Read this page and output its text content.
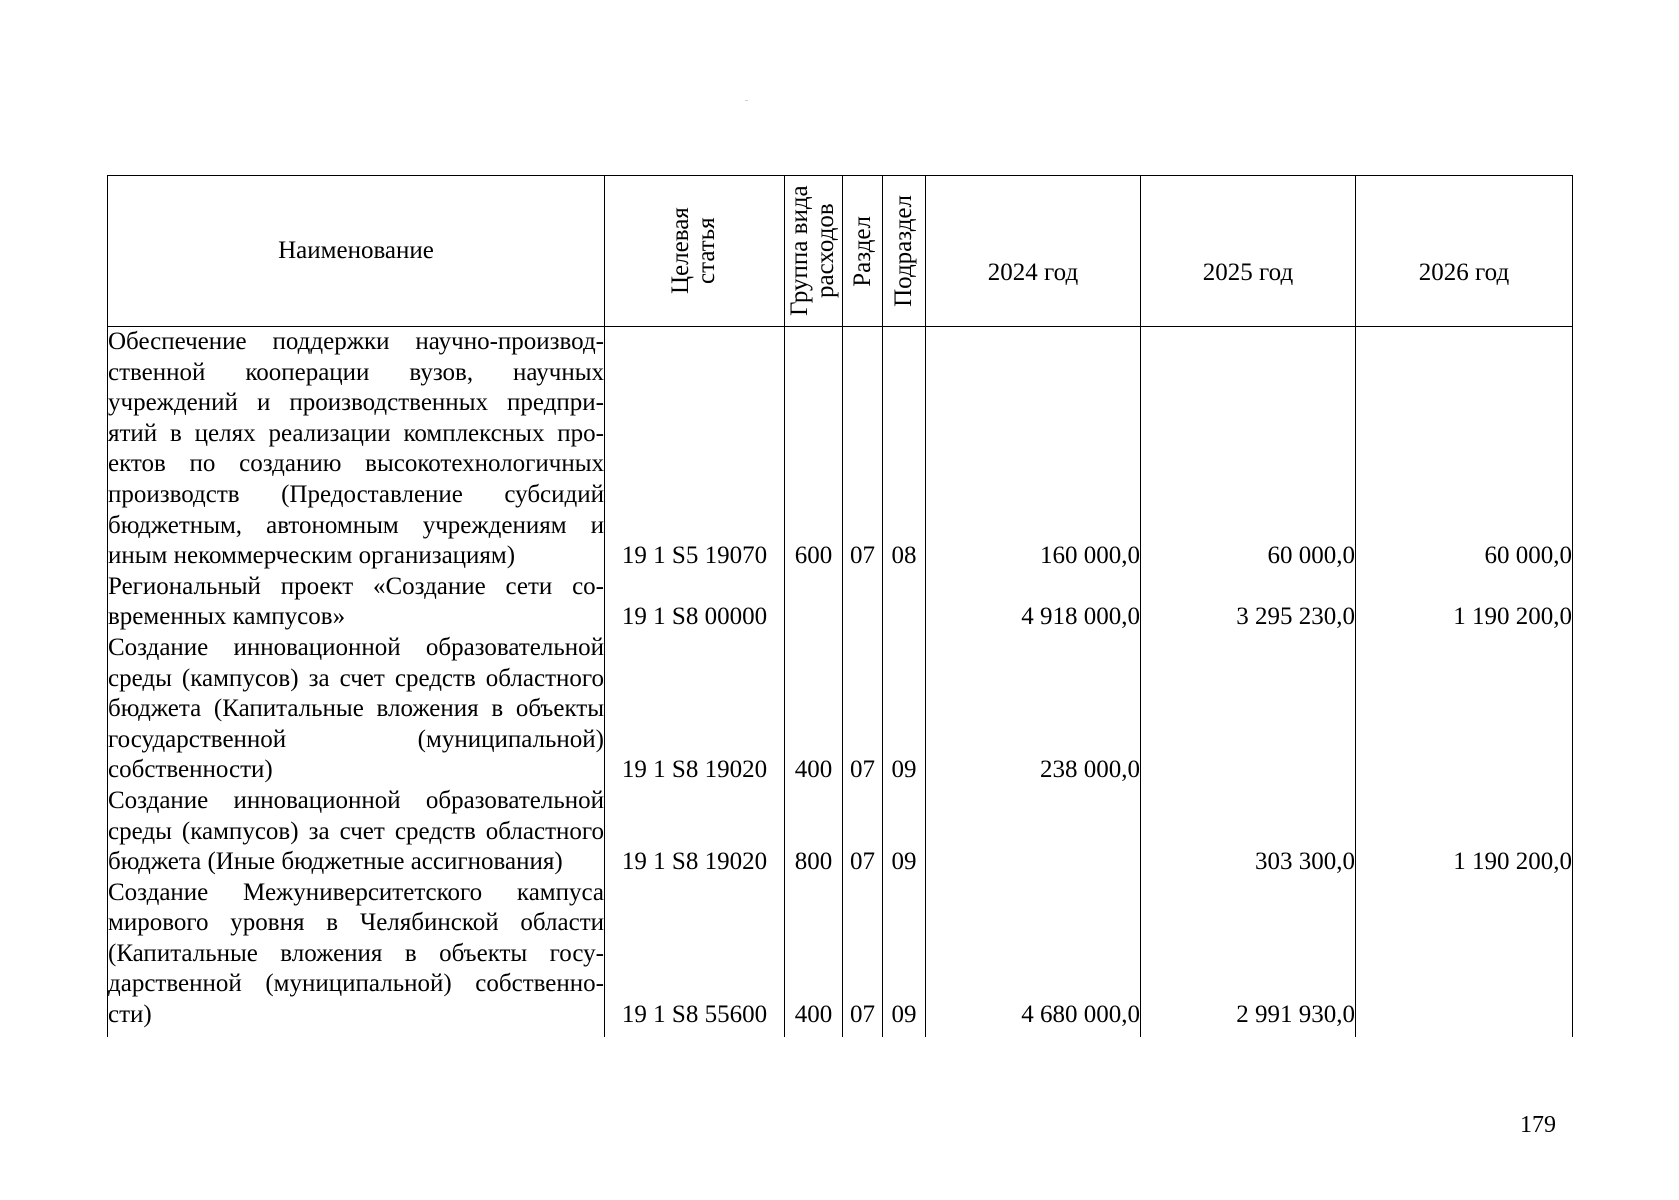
Наименование	Целевая статья	Группа вида расходов	Раздел	Подраздел	2024 год	2025 год	2026 год

Обеспечение поддержки научно-производственной кооперации вузов, научных учреждений и производственных предприятий в целях реализации комплексных проектов по созданию высокотехнологичных производств (Предоставление субсидий бюджетным, автономным учреждениям и иным некоммерческим организациям)	19 1 S5 19070	600	07	08	160 000,0	60 000,0	60 000,0
Региональный проект «Создание сети современных кампусов»	19 1 S8 00000				4 918 000,0	3 295 230,0	1 190 200,0
Создание инновационной образовательной среды (кампусов) за счет средств областного бюджета (Капитальные вложения в объекты государственной (муниципальной) собственности)	19 1 S8 19020	400	07	09	238 000,0		
Создание инновационной образовательной среды (кампусов) за счет средств областного бюджета (Иные бюджетные ассигнования)	19 1 S8 19020	800	07	09		303 300,0	1 190 200,0
Создание Межуниверситетского кампуса мирового уровня в Челябинской области (Капитальные вложения в объекты государственной (муниципальной) собственности)	19 1 S8 55600	400	07	09	4 680 000,0	2 991 930,0	
179
